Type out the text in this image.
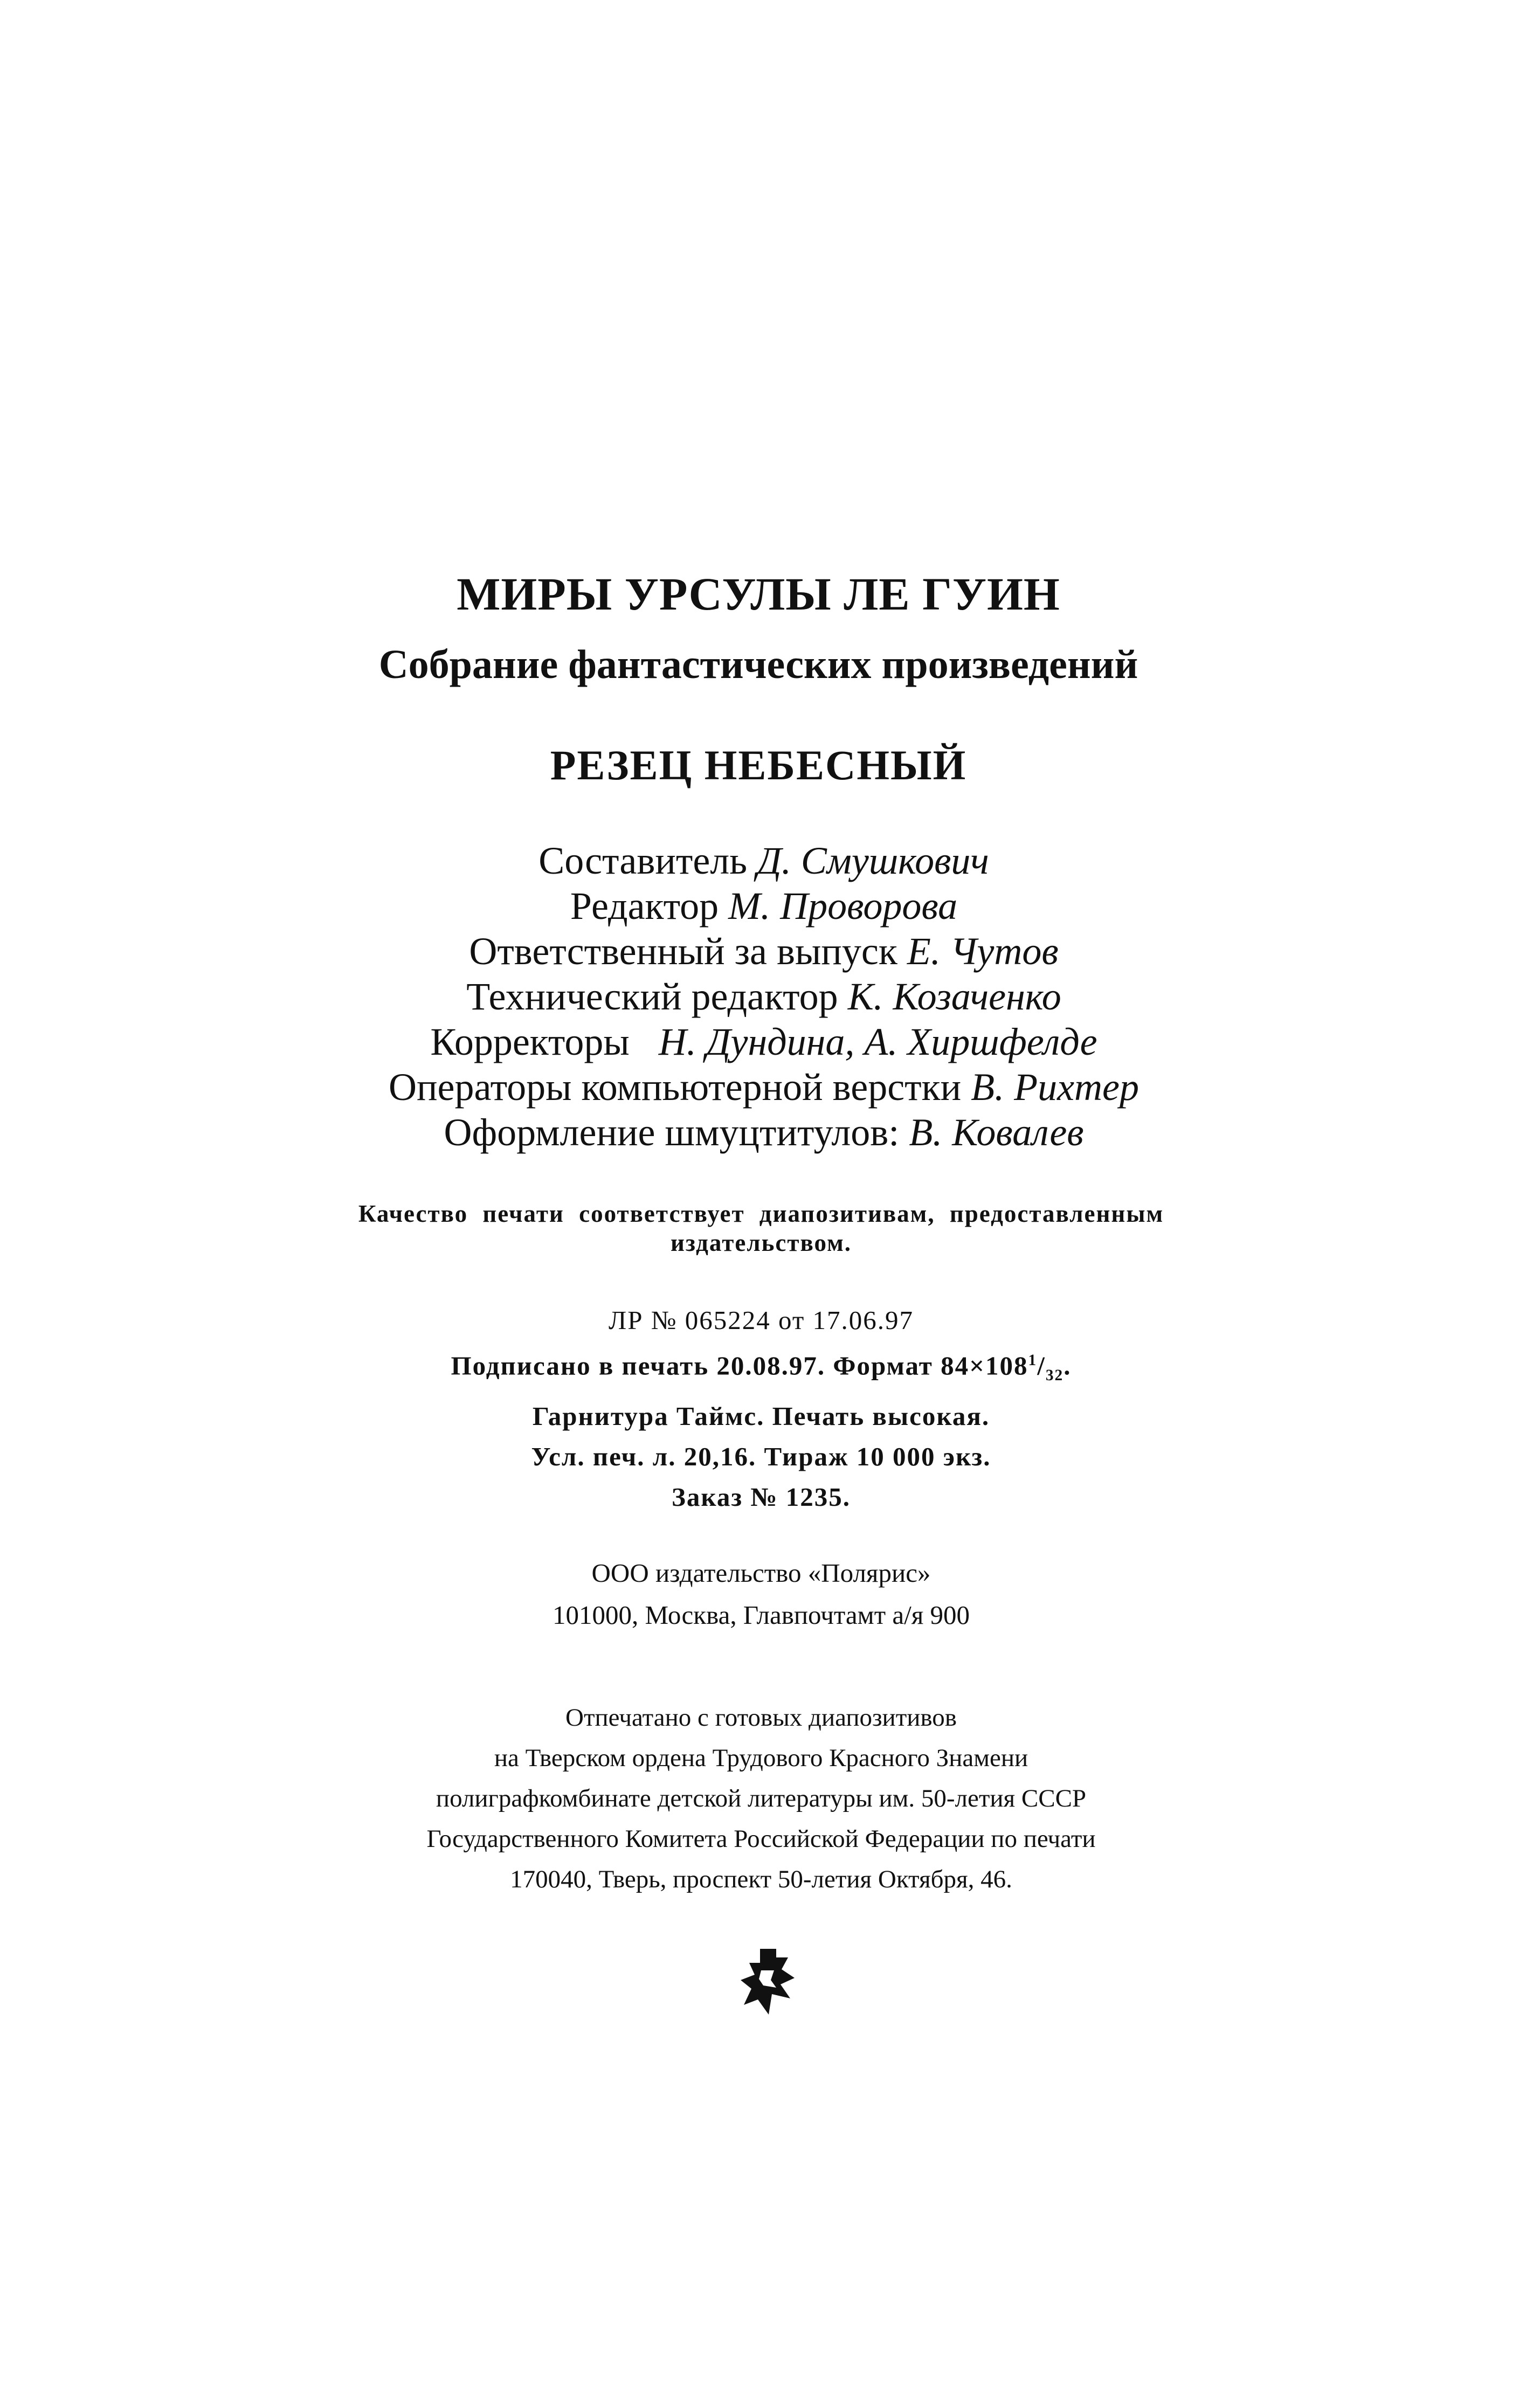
МИРЫ УРСУЛЫ ЛЕ ГУИН
Собрание фантастических произведений
РЕЗЕЦ НЕБЕСНЫЙ
Составитель Д. Смушкович
Редактор М. Проворова
Ответственный за выпуск Е. Чутов
Технический редактор К. Козаченко
Корректоры Н. Дундина, А. Хиршфелде
Операторы компьютерной верстки В. Рихтер
Оформление шмуцтитулов: В. Ковалев
Качество печати соответствует диапозитивам, предоставленным
издательством.
ЛР № 065224 от 17.06.97
Подписано в печать 20.08.97. Формат $84\times 108^1/_{32}$.
Гарнитура Таймс. Печать высокая.
Усл. печ. л. 20,16. Тираж 10 000 экз.
Заказ № 1235.
ООО издательство «Полярис»
101000, Москва, Главпочтамт а/я 900
Отпечатано с готовых диапозитивов
на Тверском ордена Трудового Красного Знамени
полиграфкомбинате детской литературы им. 50-летия СССР
Государственного Комитета Российской Федерации по печати
170040, Тверь, проспект 50-летия Октября, 46.
